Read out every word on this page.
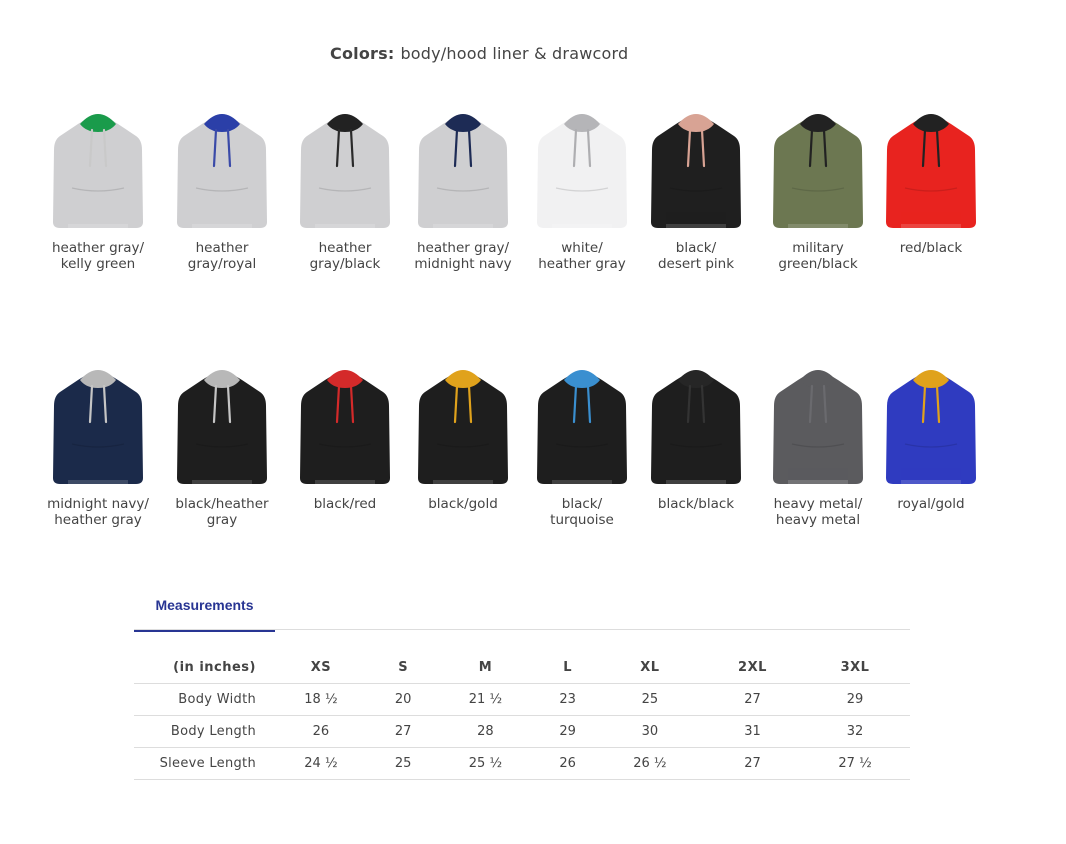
Colors: body/hood liner & drawcord
heather gray/
kelly green
heather
gray/royal
heather
gray/black
heather gray/
midnight navy
white/
heather gray
black/
desert pink
military
green/black
red/black
midnight navy/
heather gray
black/heather
gray
black/red	black/gold	black/
turquoise
black/black	heavy metal/
heavy metal
royal/gold
Measurements
(in inches)	XS	S	M	L	XL	2XL	3XL
Body Width	18 ½	20	21 ½	23	25	27	29
Body Length	26	27	28	29	30	31	32
Sleeve Length	24 ½	25	25 ½	26	26 ½	27	27 ½
